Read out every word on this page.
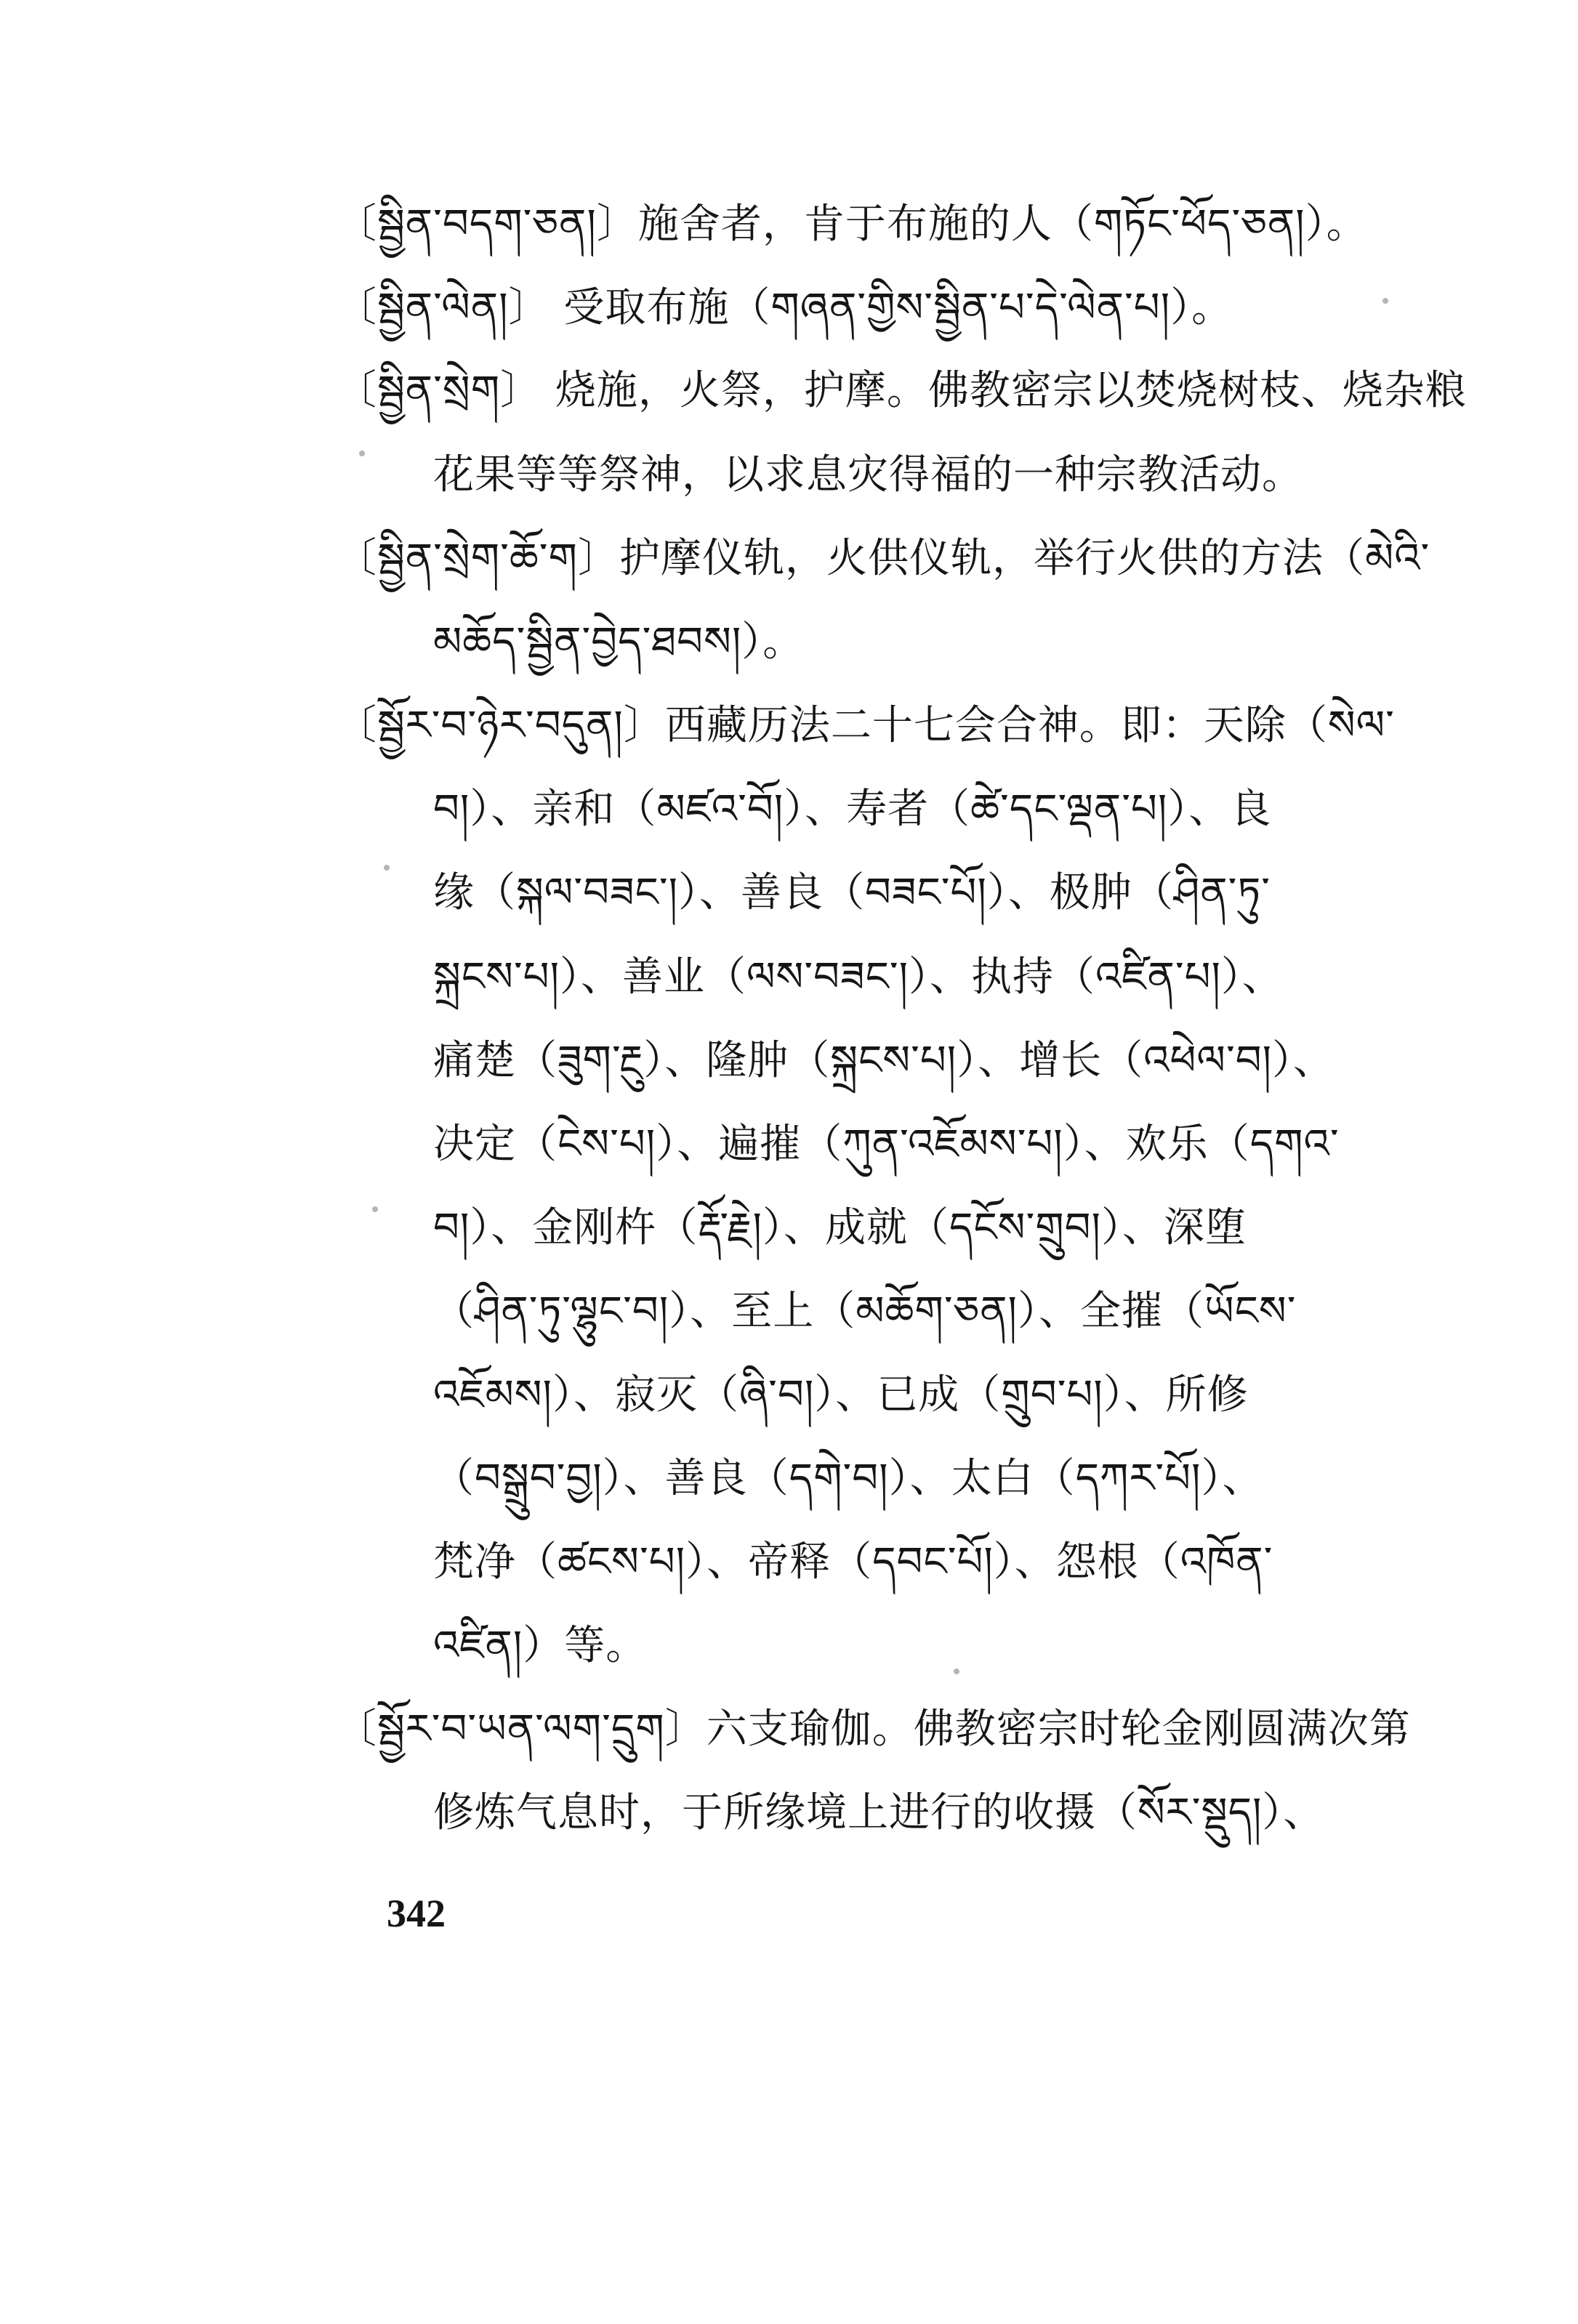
〔སྦྱིན་བདག་ཅན།〕施舍者，肯于布施的人（གཏོང་ཕོད་ཅན།）。
〔སྦྱིན་ལེན།〕 受取布施（གཞན་གྱིས་སྦྱིན་པ་དེ་ལེན་པ།）。
〔སྦྱིན་སྲེག〕 烧施，火祭，护摩。佛教密宗以焚烧树枝、烧杂粮
花果等等祭神，以求息灾得福的一种宗教活动。
〔སྦྱིན་སྲེག་ཆོ་ག〕护摩仪轨，火供仪轨，举行火供的方法（མེའི་
མཆོད་སྦྱིན་བྱེད་ཐབས།）。
〔སྦྱོར་བ་ཉེར་བདུན།〕西藏历法二十七会合神。即：天除（སེལ་
བ།）、亲和（མཛའ་བོ།）、寿者（ཚེ་དང་ལྡན་པ།）、良
缘（སྐལ་བཟང་།）、善良（བཟང་པོ།）、极肿（ཤིན་ཏུ་
སྐྲངས་པ།）、善业（ལས་བཟང་།）、执持（འཛིན་པ།）、
痛楚（ཟུག་རྔུ）、隆肿（སྐྲངས་པ།）、增长（འཕེལ་བ།）、
决定（ངེས་པ།）、遍摧（ཀུན་འཇོམས་པ།）、欢乐（དགའ་
བ།）、金刚杵（རྡོ་རྗེ།）、成就（དངོས་གྲུབ།）、深堕
（ཤིན་ཏུ་ལྷུང་བ།）、至上（མཆོག་ཅན།）、全摧（ཡོངས་
འཇོམས།）、寂灭（ཞི་བ།）、已成（གྲུབ་པ།）、所修
（བསྒྲུབ་བྱ།）、善良（དགེ་བ།）、太白（དཀར་པོ།）、
梵净（ཚངས་པ།）、帝释（དབང་པོ།）、怨根（འཁོན་
འཛིན།）等。
〔སྦྱོར་བ་ཡན་ལག་དྲུག〕六支瑜伽。佛教密宗时轮金刚圆满次第
修炼气息时，于所缘境上进行的收摄（སོར་སྡུད།）、
342
